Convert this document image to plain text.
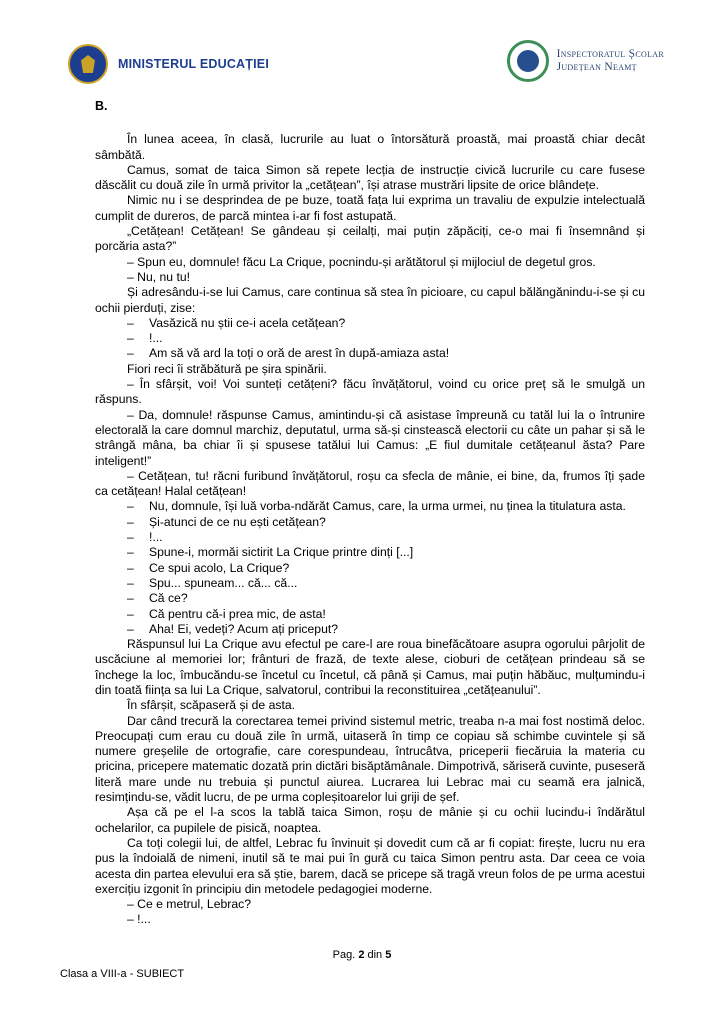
MINISTERUL EDUCAȚIEI
Inspectoratul Școlar
Județean Neamț
B.

În lunea aceea, în clasă, lucrurile au luat o întorsătură proastă, mai proastă chiar decât sâmbătă.

Camus, somat de taica Simon să repete lecția de instrucție civică lucrurile cu care fusese dăscălit cu două zile în urmă privitor la „cetățean”, își atrase mustrări lipsite de orice blândețe.

Nimic nu i se desprindea de pe buze, toată fața lui exprima un travaliu de expulzie intelectuală cumplit de dureros, de parcă mintea i-ar fi fost astupată.

„Cetățean! Cetățean! Se gândeau și ceilalți, mai puțin zăpăciți, ce-o mai fi însemnând și porcăria asta?”

– Spun eu, domnule! făcu La Crique, pocnindu-și arătătorul și mijlociul de degetul gros.

– Nu, nu tu!

Și adresându-i-se lui Camus, care continua să stea în picioare, cu capul bălăngănindu-i-se și cu ochii pierduți, zise:

– Vasăzică nu știi ce-i acela cetățean?

– !...

– Am să vă ard la toți o oră de arest în după-amiaza asta!

Fiori reci îi străbătură pe șira spinării.

– În sfârșit, voi! Voi sunteți cetățeni? făcu învățătorul, voind cu orice preț să le smulgă un răspuns.

– Da, domnule! răspunse Camus, amintindu-și că asistase împreună cu tatăl lui la o întrunire electorală la care domnul marchiz, deputatul, urma să-și cinstească electorii cu câte un pahar și să le strângă mâna, ba chiar îi și spusese tatălui lui Camus: „E fiul dumitale cetățeanul ăsta? Pare inteligent!”

– Cetățean, tu! răcni furibund învățătorul, roșu ca sfecla de mânie, ei bine, da, frumos îți șade ca cetățean! Halal cetățean!

– Nu, domnule, își luă vorba-ndărăt Camus, care, la urma urmei, nu ținea la titulatura asta.

– Și-atunci de ce nu ești cetățean?

– !...

– Spune-i, mormăi sictirit La Crique printre dinți [...]

– Ce spui acolo, La Crique?

– Spu... spuneam... că... că...

– Că ce?

– Că pentru că-i prea mic, de asta!

– Aha! Ei, vedeți? Acum ați priceput?

Răspunsul lui La Crique avu efectul pe care-l are roua binefăcătoare asupra ogorului pârjolit de uscăciune al memoriei lor; frânturi de frază, de texte alese, cioburi de cetățean prindeau să se închege la loc, îmbucăndu-se încetul cu încetul, că până și Camus, mai puțin hăbăuc, mulțumindu-i din toată ființa sa lui La Crique, salvatorul, contribui la reconstituirea „cetățeanului”.

În sfârșit, scăpaseră și de asta.

Dar când trecură la corectarea temei privind sistemul metric, treaba n-a mai fost nostimă deloc. Preocupați cum erau cu două zile în urmă, uitaseră în timp ce copiau să schimbe cuvintele și să numere greșelile de ortografie, care corespundeau, întrucâtva, priceperii fiecăruia la materia cu pricina, pricepere matematic dozată prin dictări bisăptămânale. Dimpotrivă, săriseră cuvinte, puseseră literă mare unde nu trebuia și punctul aiurea. Lucrarea lui Lebrac mai cu seamă era jalnică, resimțindu-se, vădit lucru, de pe urma copleșitoarelor lui griji de șef.

Așa că pe el l-a scos la tablă taica Simon, roșu de mânie și cu ochii lucindu-i îndărătul ochelarilor, ca pupilele de pisică, noaptea.

Ca toți colegii lui, de altfel, Lebrac fu învinuit și dovedit cum că ar fi copiat: firește, lucru nu era pus la îndoială de nimeni, inutil să te mai pui în gură cu taica Simon pentru asta. Dar ceea ce voia acesta din partea elevului era să știe, barem, dacă se pricepe să tragă vreun folos de pe urma acestui exercițiu izgonit în principiu din metodele pedagogiei moderne.

– Ce e metrul, Lebrac?

– !...

Pag. 2 din 5
Clasa a VIII-a - SUBIECT
